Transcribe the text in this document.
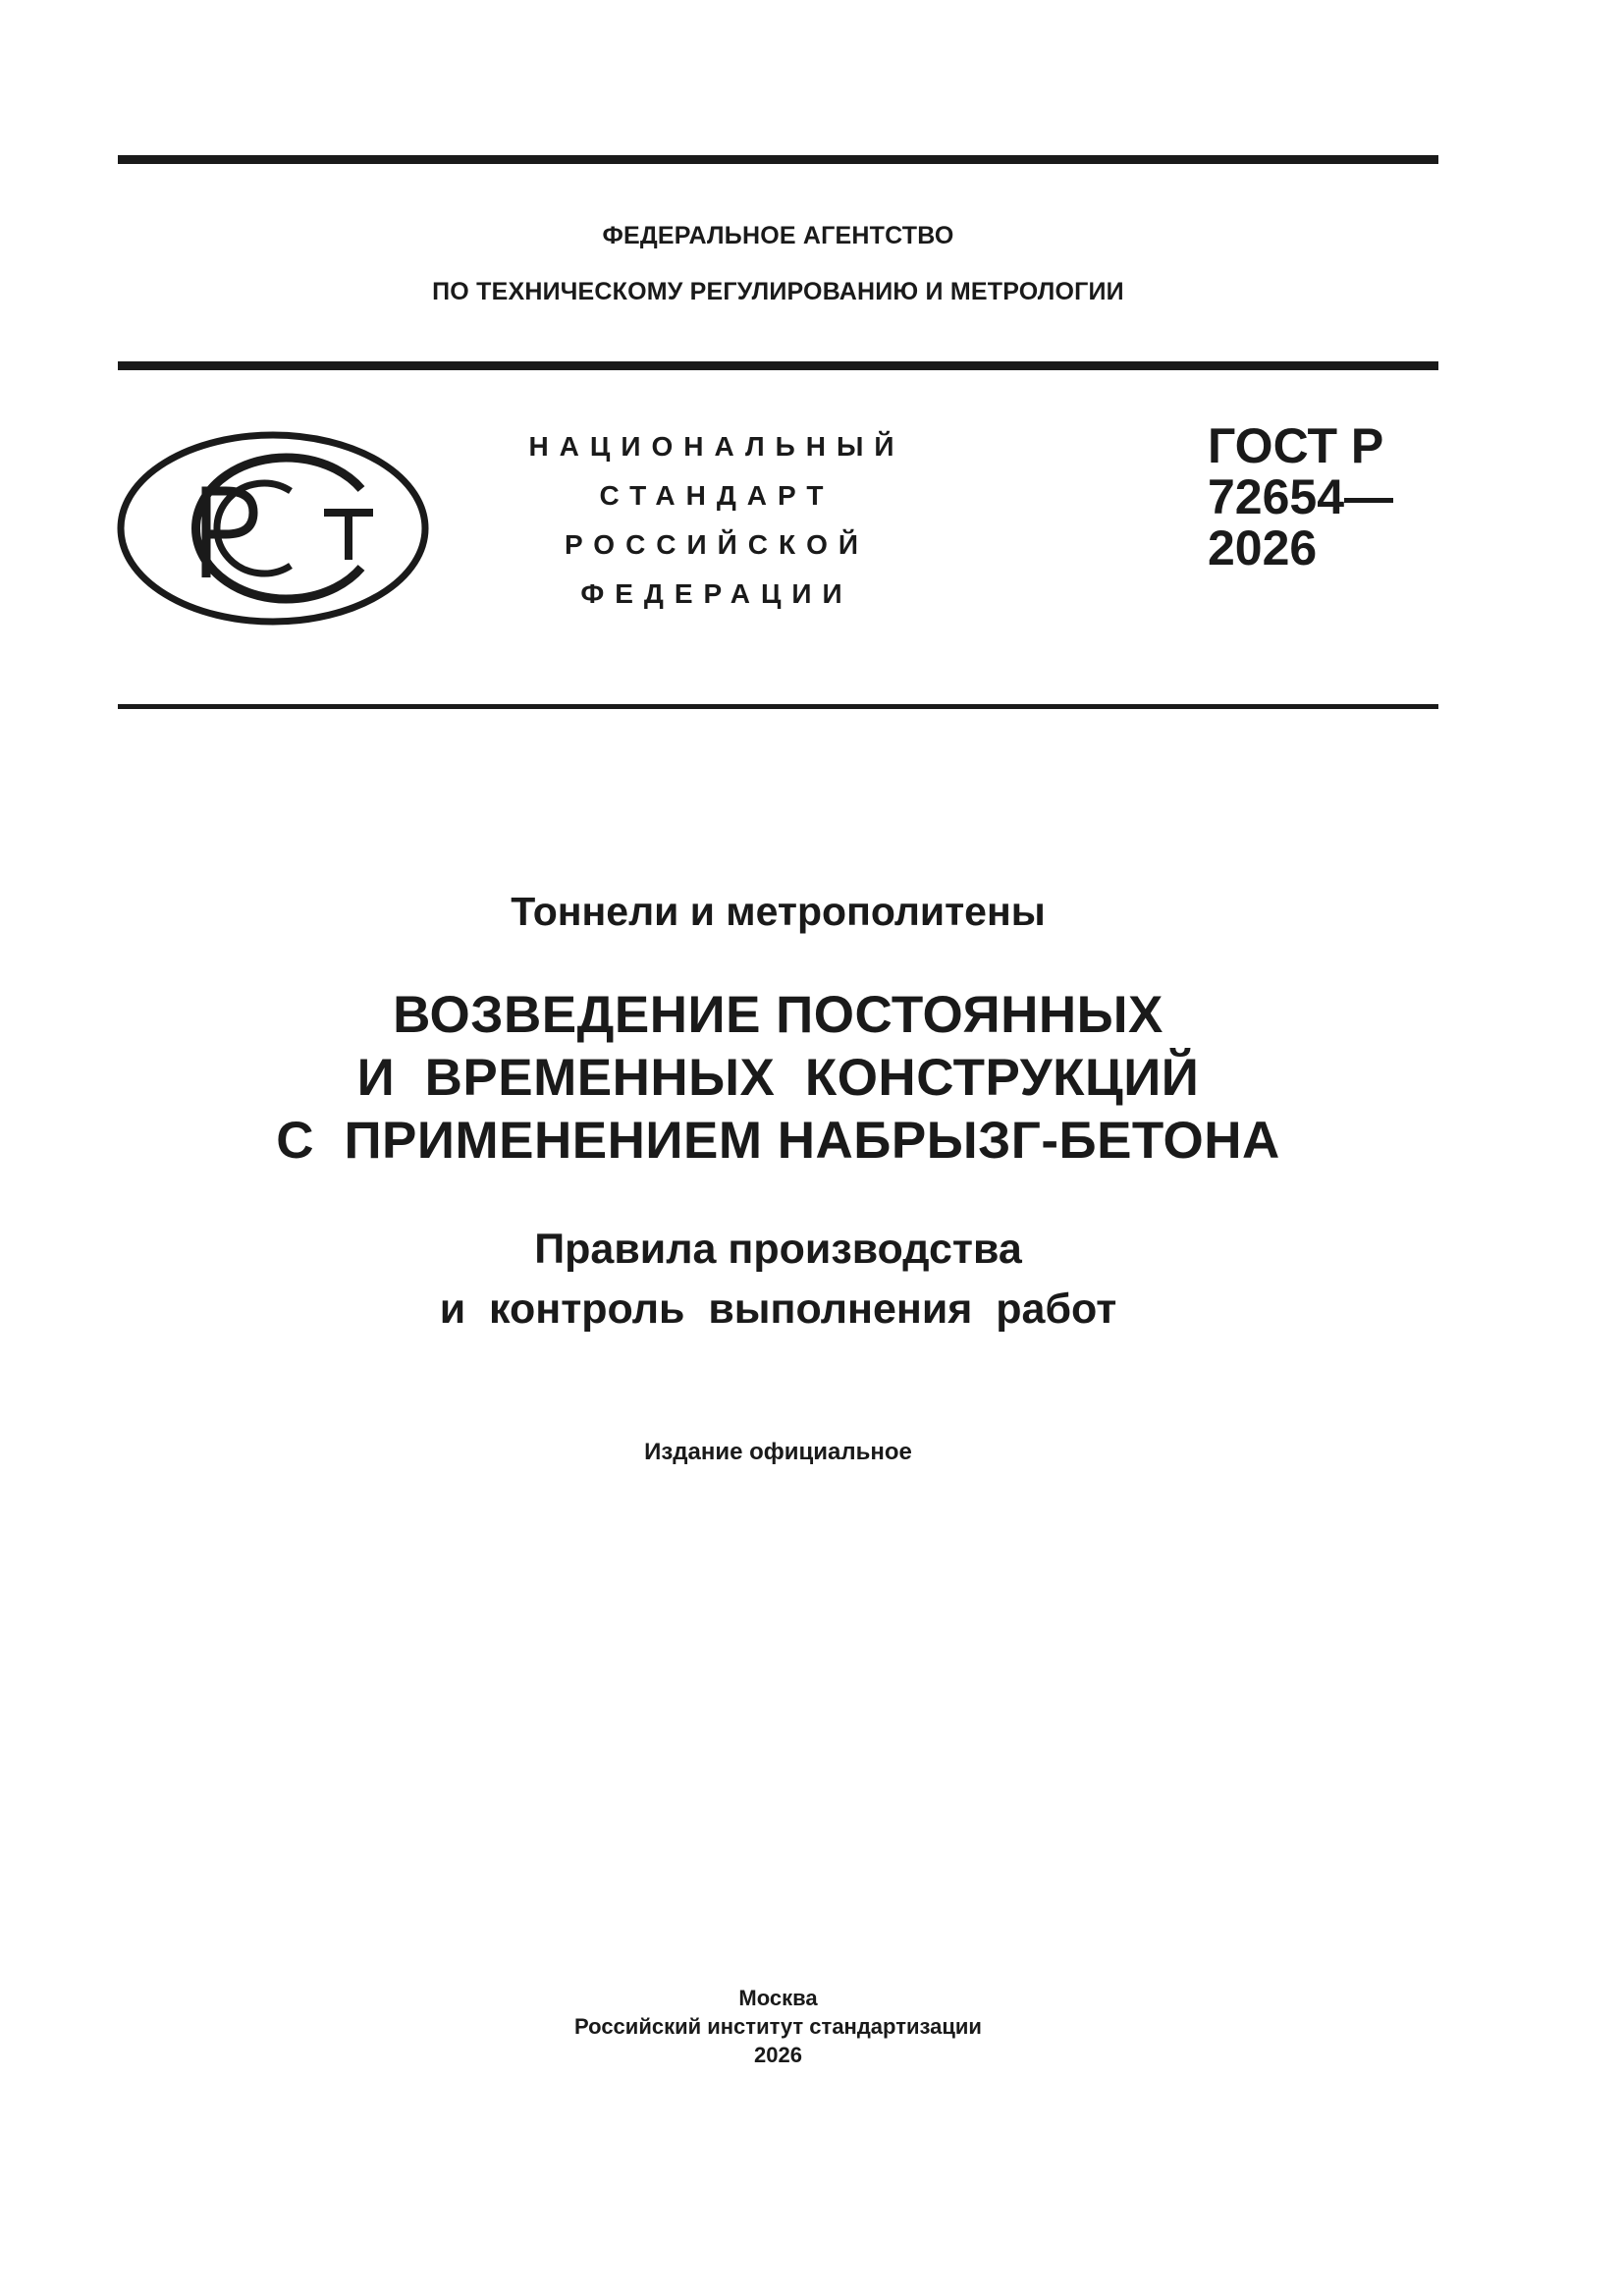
ФЕДЕРАЛЬНОЕ АГЕНТСТВО
ПО ТЕХНИЧЕСКОМУ РЕГУЛИРОВАНИЮ И МЕТРОЛОГИИ
НАЦИОНАЛЬНЫЙ
СТАНДАРТ
РОССИЙСКОЙ
ФЕДЕРАЦИИ
ГОСТ Р
72654—
2026
Тоннели и метрополитены
ВОЗВЕДЕНИЕ ПОСТОЯННЫХ
И  ВРЕМЕННЫХ  КОНСТРУКЦИЙ
С  ПРИМЕНЕНИЕМ НАБРЫЗГ-БЕТОНА
Правила производства
и  контроль  выполнения  работ
Издание официальное
Москва
Российский институт стандартизации
2026
